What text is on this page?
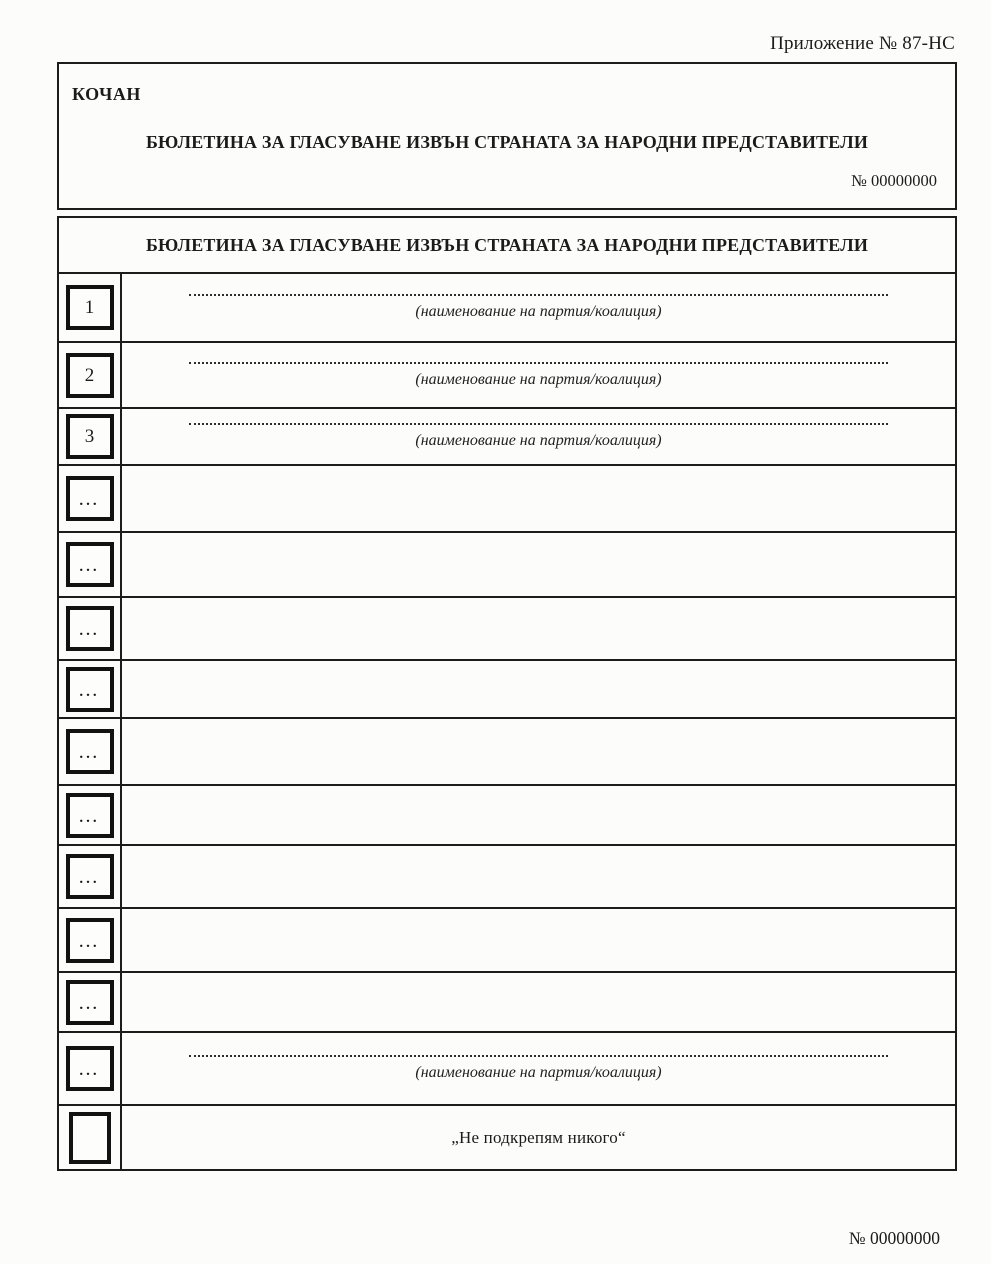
Приложение № 87-НС
КОЧАН
БЮЛЕТИНА ЗА ГЛАСУВАНЕ ИЗВЪН СТРАНАТА ЗА НАРОДНИ ПРЕДСТАВИТЕЛИ
№ 00000000
БЮЛЕТИНА ЗА ГЛАСУВАНЕ ИЗВЪН СТРАНАТА ЗА НАРОДНИ ПРЕДСТАВИТЕЛИ
1	(наименование на партия/коалиция)
2	(наименование на партия/коалиция)
3	(наименование на партия/коалиция)
...
...
...
...
...
...
...
...
...
...	(наименование на партия/коалиция)
„Не подкрепям никого“
№ 00000000
